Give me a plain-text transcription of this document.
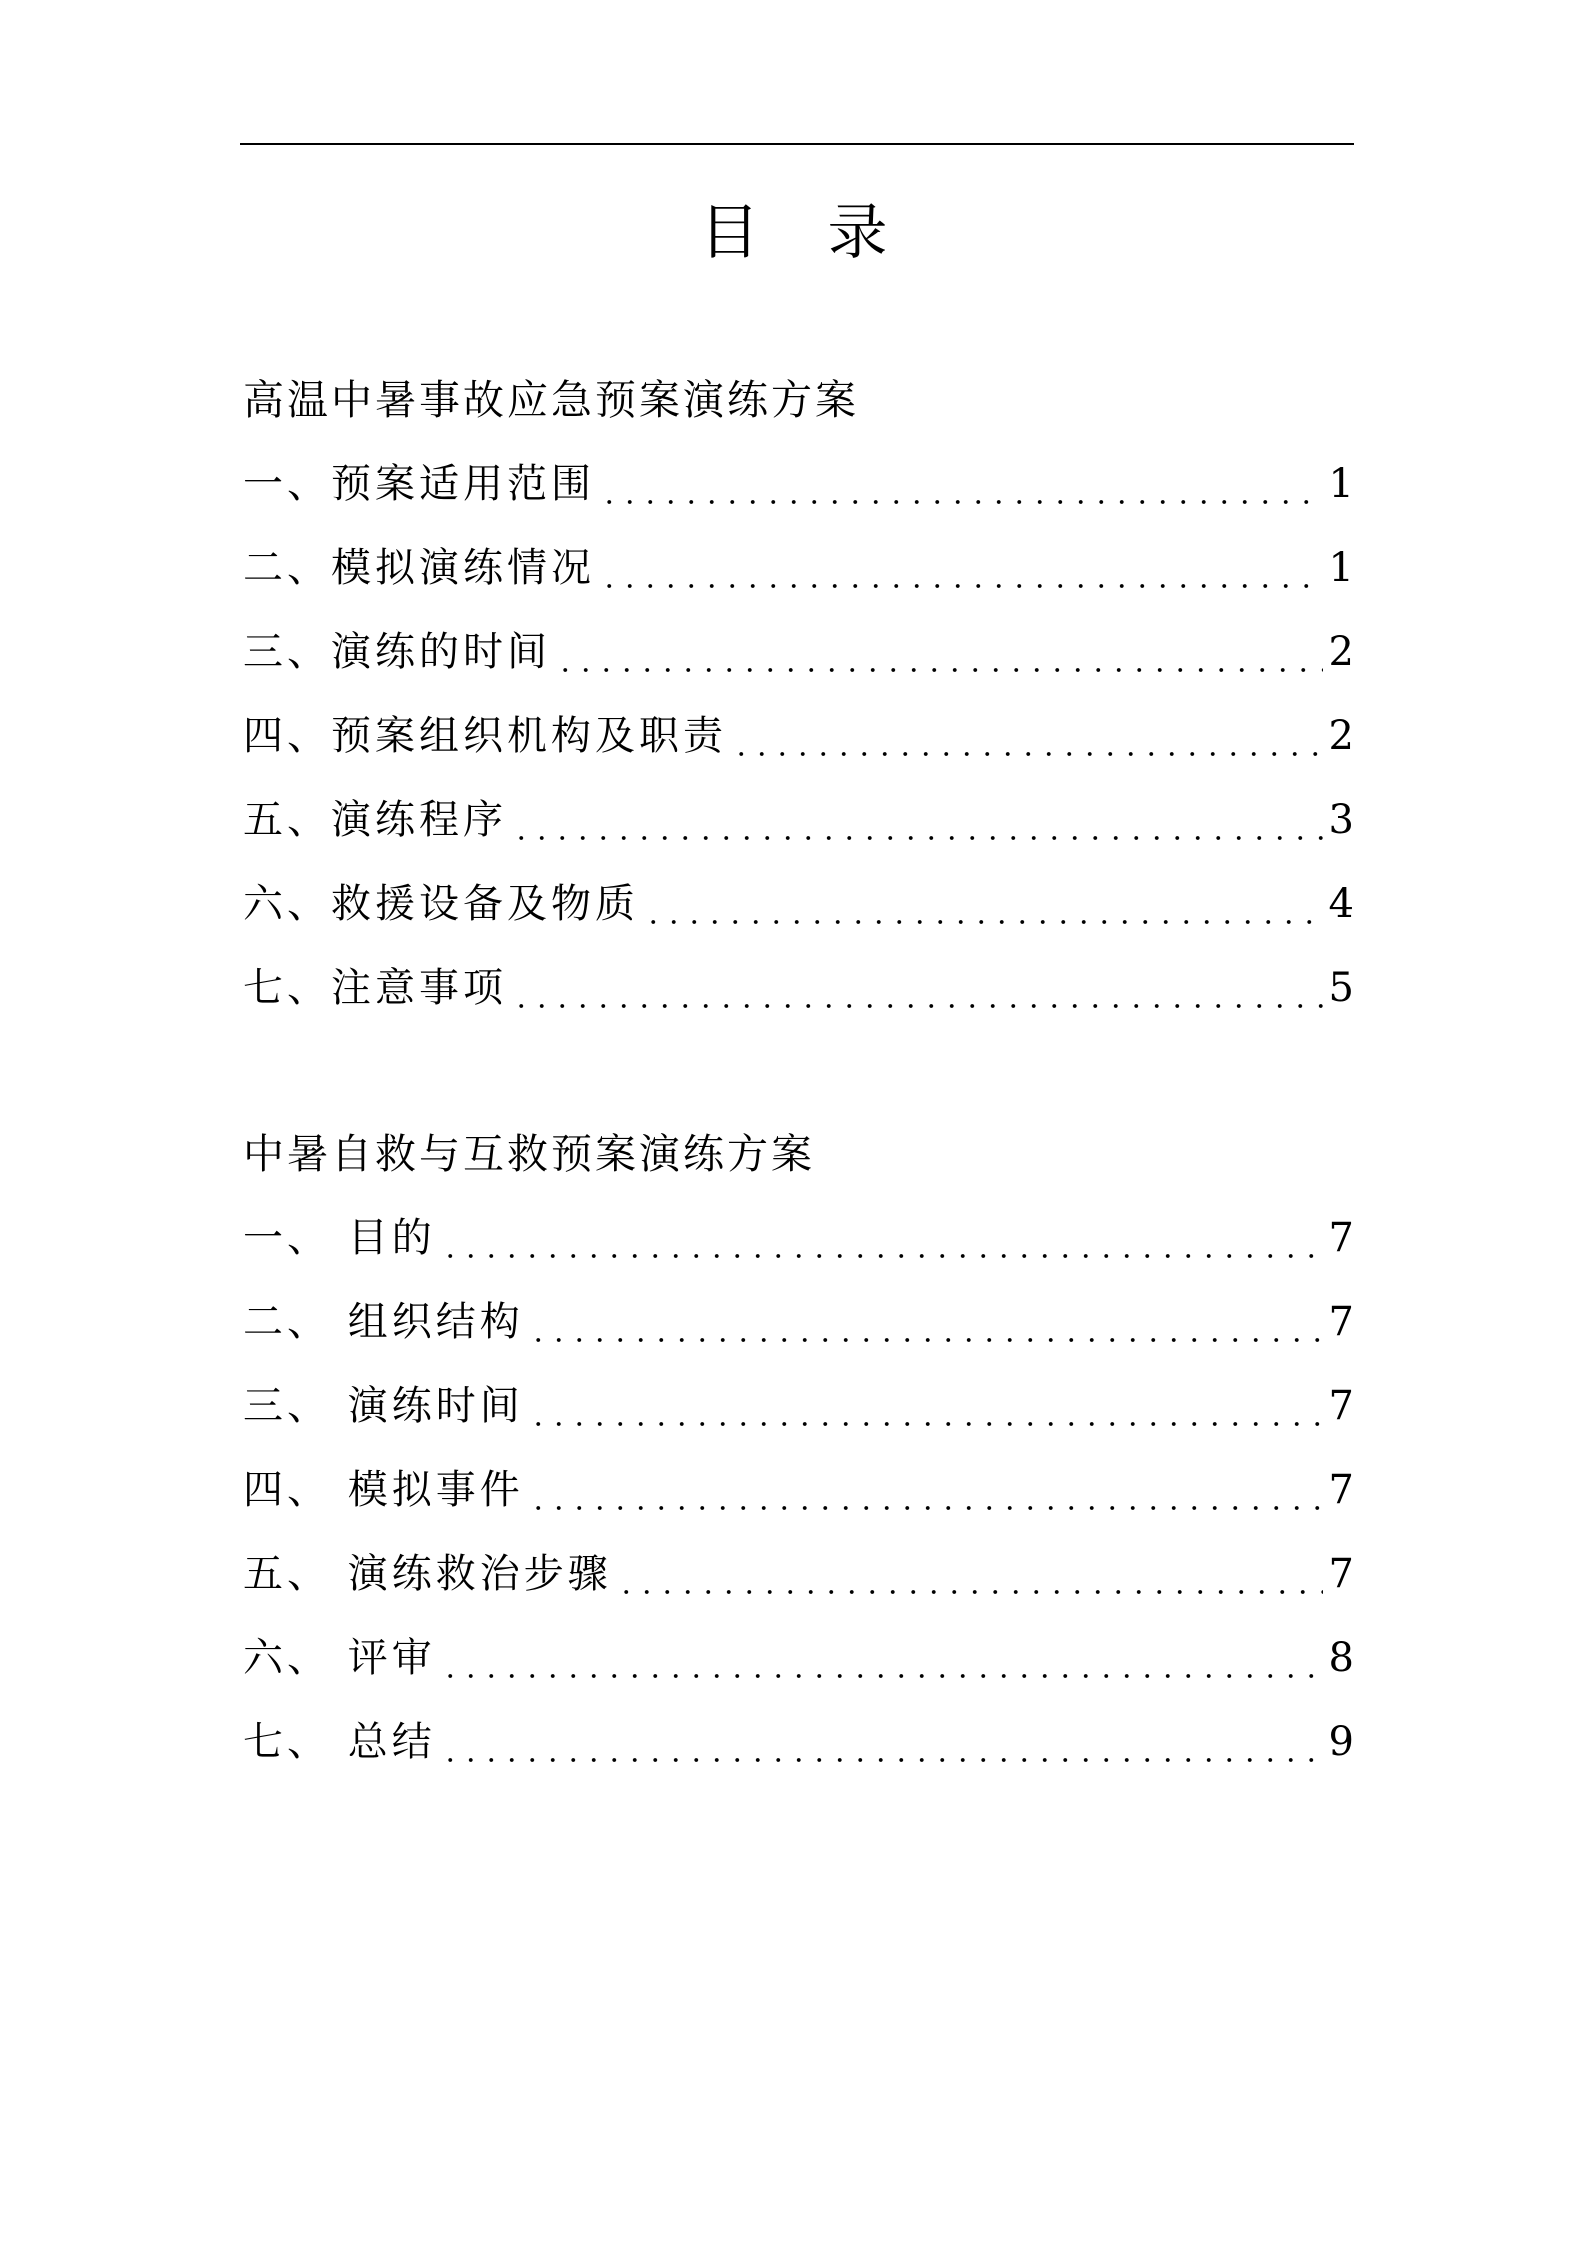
目录
高温中暑事故应急预案演练方案
一、预案适用范围	1
二、模拟演练情况	1
三、演练的时间	2
四、预案组织机构及职责	2
五、演练程序	3
六、救援设备及物质	4
七、注意事项	5
中暑自救与互救预案演练方案
一、 目的	7
二、 组织结构	7
三、 演练时间	7
四、 模拟事件	7
五、 演练救治步骤	7
六、 评审	8
七、 总结	9
